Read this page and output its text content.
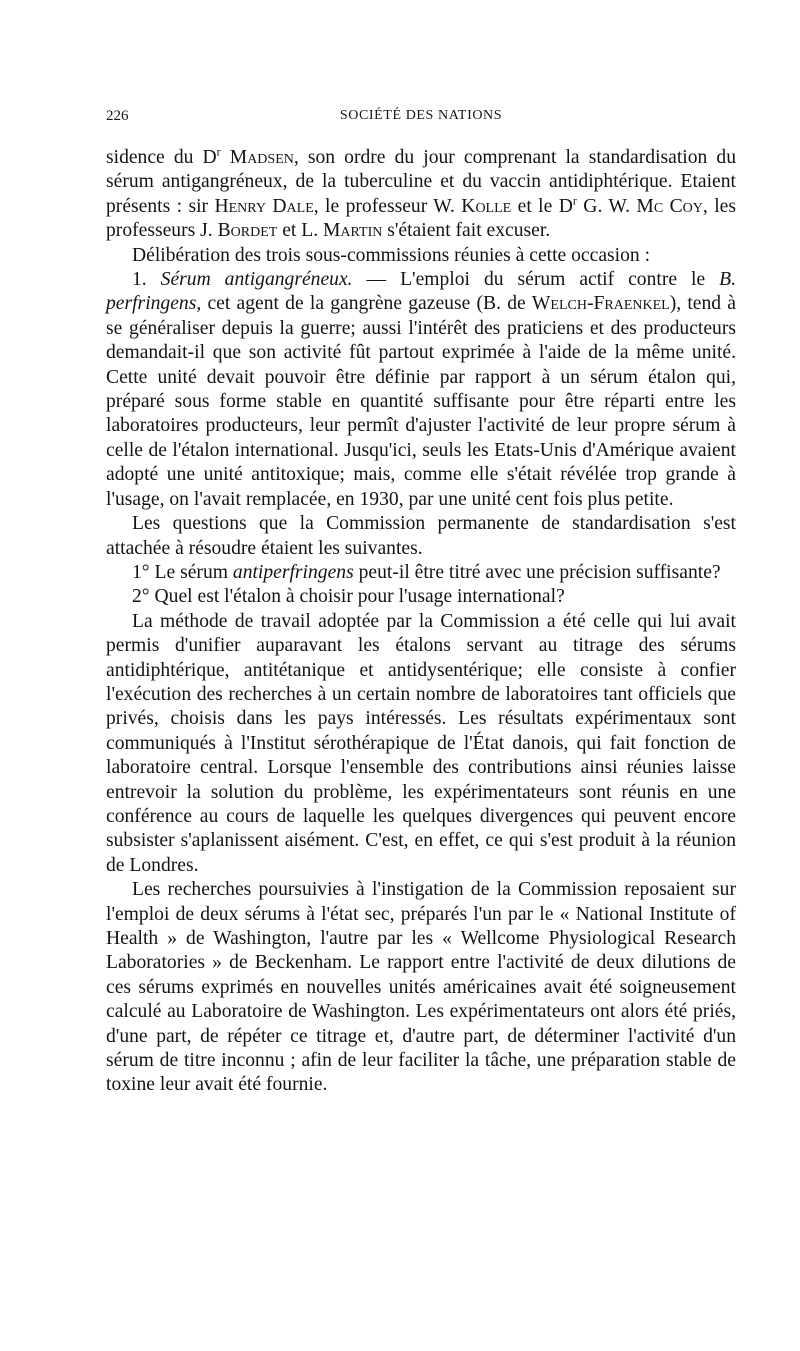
226	SOCIÉTÉ DES NATIONS

sidence du $D^r$ Madsen, son ordre du jour comprenant la standardisation du sérum antigangréneux, de la tuberculine et du vaccin antidiphtérique. Etaient présents : sir Henry Dale, le professeur W. Kolle et le $D^r$ G. W. Mc Coy, les professeurs J. Bordet et L. Martin s'étaient fait excuser.

Délibération des trois sous-commissions réunies à cette occasion :

1. Sérum antigangréneux. — L'emploi du sérum actif contre le B. perfringens, cet agent de la gangrène gazeuse (B. de Welch-Fraenkel), tend à se généraliser depuis la guerre; aussi l'intérêt des praticiens et des producteurs demandait-il que son activité fût partout exprimée à l'aide de la même unité. Cette unité devait pouvoir être définie par rapport à un sérum étalon qui, préparé sous forme stable en quantité suffisante pour être réparti entre les laboratoires producteurs, leur permît d'ajuster l'activité de leur propre sérum à celle de l'étalon international. Jusqu'ici, seuls les Etats-Unis d'Amérique avaient adopté une unité antitoxique; mais, comme elle s'était révélée trop grande à l'usage, on l'avait remplacée, en 1930, par une unité cent fois plus petite.

Les questions que la Commission permanente de standardisation s'est attachée à résoudre étaient les suivantes.

1° Le sérum antiperfringens peut-il être titré avec une précision suffisante?

2° Quel est l'étalon à choisir pour l'usage international?

La méthode de travail adoptée par la Commission a été celle qui lui avait permis d'unifier auparavant les étalons servant au titrage des sérums antidiphtérique, antitétanique et antidysentérique; elle consiste à confier l'exécution des recherches à un certain nombre de laboratoires tant officiels que privés, choisis dans les pays intéressés. Les résultats expérimentaux sont communiqués à l'Institut sérothérapique de l'État danois, qui fait fonction de laboratoire central. Lorsque l'ensemble des contributions ainsi réunies laisse entrevoir la solution du problème, les expérimentateurs sont réunis en une conférence au cours de laquelle les quelques divergences qui peuvent encore subsister s'aplanissent aisément. C'est, en effet, ce qui s'est produit à la réunion de Londres.

Les recherches poursuivies à l'instigation de la Commission reposaient sur l'emploi de deux sérums à l'état sec, préparés l'un par le « National Institute of Health » de Washington, l'autre par les « Wellcome Physiological Research Laboratories » de Beckenham. Le rapport entre l'activité de deux dilutions de ces sérums exprimés en nouvelles unités américaines avait été soigneusement calculé au Laboratoire de Washington. Les expérimentateurs ont alors été priés, d'une part, de répéter ce titrage et, d'autre part, de déterminer l'activité d'un sérum de titre inconnu ; afin de leur faciliter la tâche, une préparation stable de toxine leur avait été fournie.
